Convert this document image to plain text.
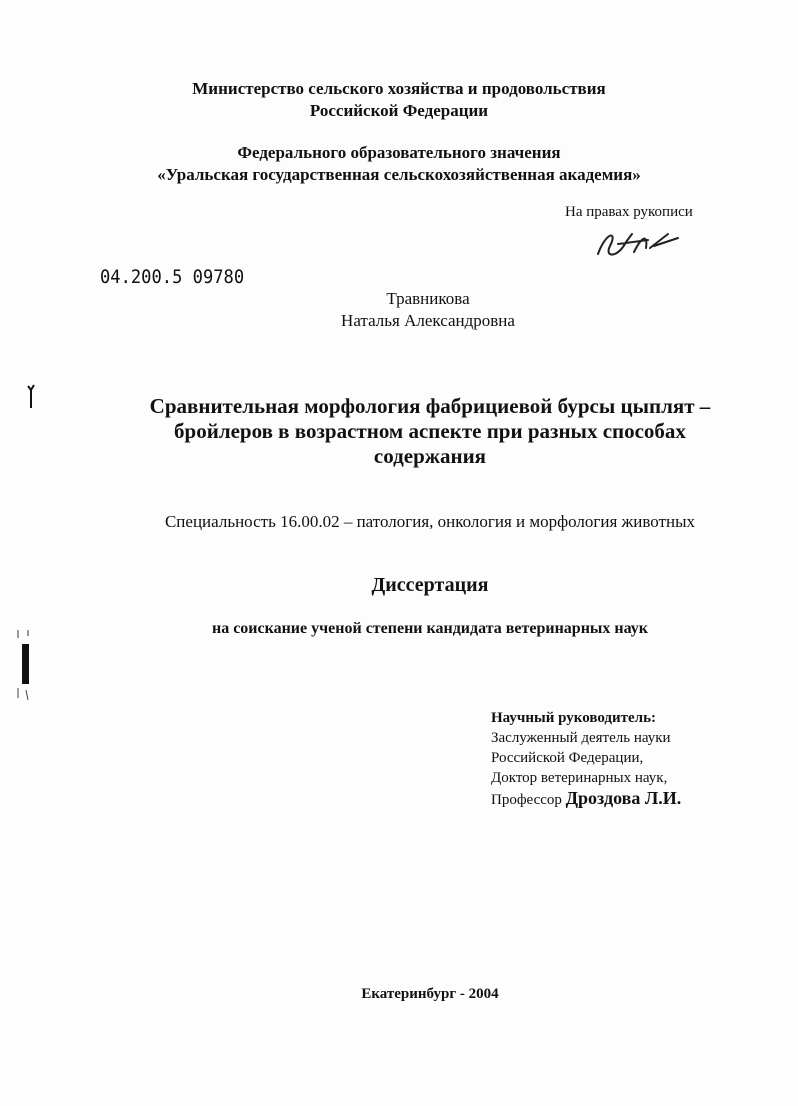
Министерство сельского хозяйства и продовольствия
Российской Федерации
Федерального образовательного значения
«Уральская государственная сельскохозяйственная академия»
На правах рукописи
04.200.5 09780
Травникова
Наталья Александровна
Сравнительная морфология фабрициевой бурсы цыплят –
бройлеров в возрастном аспекте при разных способах
содержания
Специальность 16.00.02 – патология, онкология и морфология животных
Диссертация
на соискание ученой степени кандидата ветеринарных наук
Научный руководитель:
Заслуженный деятель науки
Российской Федерации,
Доктор ветеринарных наук,
Профессор Дроздова Л.И.
Екатеринбург - 2004
